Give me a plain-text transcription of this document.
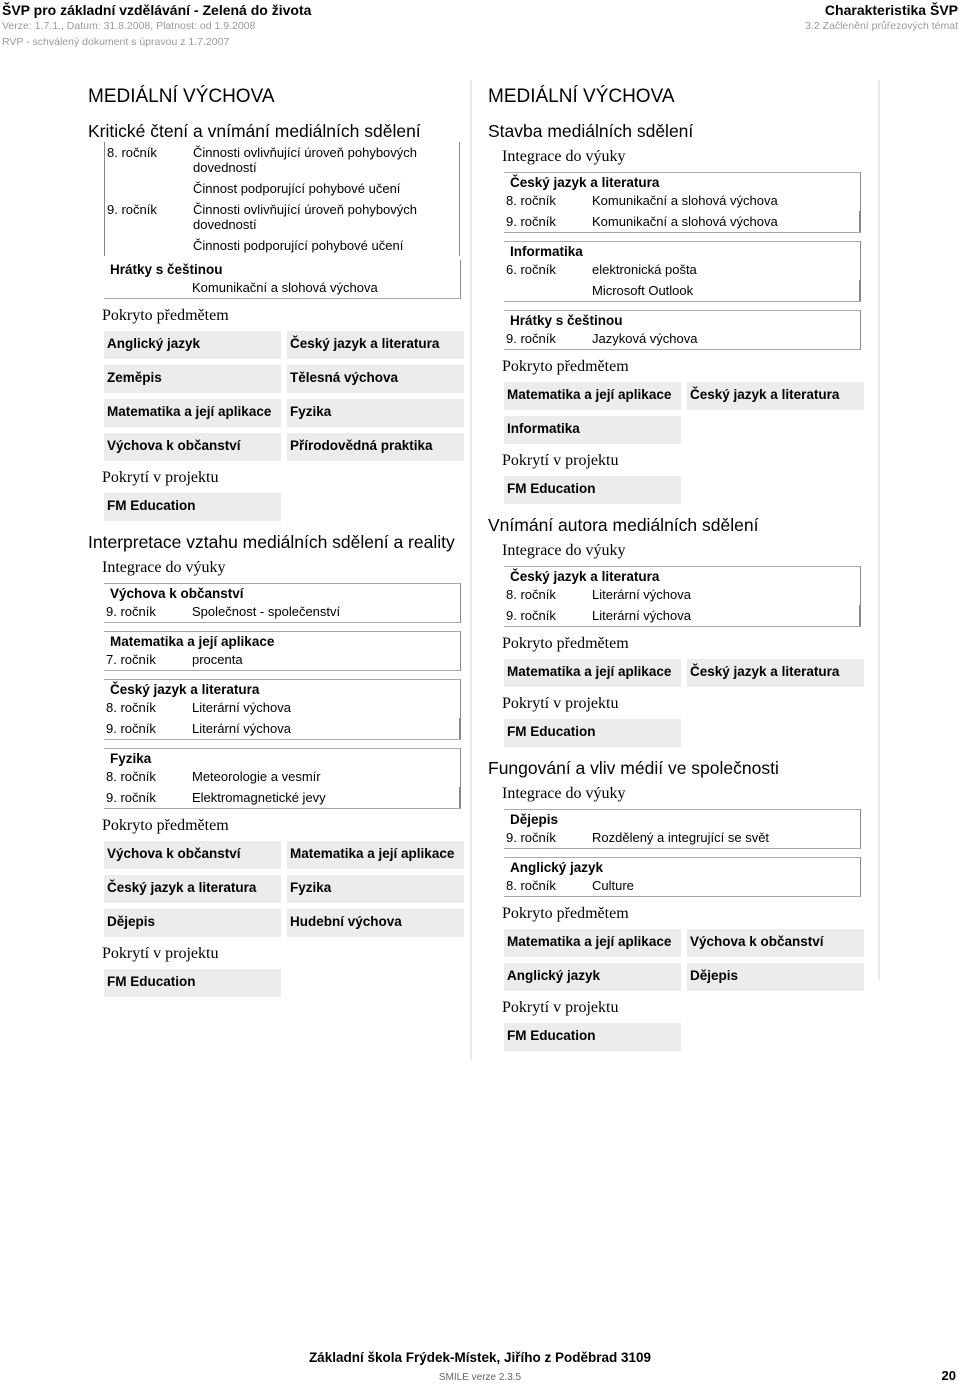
ŠVP pro základní vzdělávání - Zelená do života
Verze: 1.7.1., Datum: 31.8.2008, Platnost: od 1.9.2008
RVP - schválený dokument s úpravou z 1.7.2007
Charakteristika ŠVP
3.2 Začlenění průřezových témat
MEDIÁLNÍ VÝCHOVA
Kritické čtení a vnímání mediálních sdělení
8. ročník	Činnosti ovlivňující úroveň pohybových dovedností
Činnost podporující pohybové učení
9. ročník	Činnosti ovlivňující úroveň pohybových dovedností
Činnosti podporující pohybové učení
Hrátky s češtinou
Komunikační a slohová výchova
Pokryto předmětem
Anglický jazyk	Český jazyk a literatura
Zeměpis	Tělesná výchova
Matematika a její aplikace	Fyzika
Výchova k občanství	Přírodovědná praktika
Pokrytí v projektu
FM Education
Interpretace vztahu mediálních sdělení a reality
Integrace do výuky
Výchova k občanství
9. ročník	Společnost - společenství
Matematika a její aplikace
7. ročník	procenta
Český jazyk a literatura
8. ročník	Literární výchova
9. ročník	Literární výchova
Fyzika
8. ročník	Meteorologie a vesmír
9. ročník	Elektromagnetické jevy
Pokryto předmětem
Výchova k občanství	Matematika a její aplikace
Český jazyk a literatura	Fyzika
Dějepis	Hudební výchova
Pokrytí v projektu
FM Education
MEDIÁLNÍ VÝCHOVA
Stavba mediálních sdělení
Integrace do výuky
Český jazyk a literatura
8. ročník	Komunikační a slohová výchova
9. ročník	Komunikační a slohová výchova
Informatika
6. ročník	elektronická pošta
Microsoft Outlook
Hrátky s češtinou
9. ročník	Jazyková výchova
Pokryto předmětem
Matematika a její aplikace	Český jazyk a literatura
Informatika
Pokrytí v projektu
FM Education
Vnímání autora mediálních sdělení
Integrace do výuky
Český jazyk a literatura
8. ročník	Literární výchova
9. ročník	Literární výchova
Pokryto předmětem
Matematika a její aplikace	Český jazyk a literatura
Pokrytí v projektu
FM Education
Fungování a vliv médií ve společnosti
Integrace do výuky
Dějepis
9. ročník	Rozdělený a integrující se svět
Anglický jazyk
8. ročník	Culture
Pokryto předmětem
Matematika a její aplikace	Výchova k občanství
Anglický jazyk	Dějepis
Pokrytí v projektu
FM Education
Základní škola Frýdek-Místek, Jiřího z Poděbrad 3109
SMILE verze 2.3.5	20
